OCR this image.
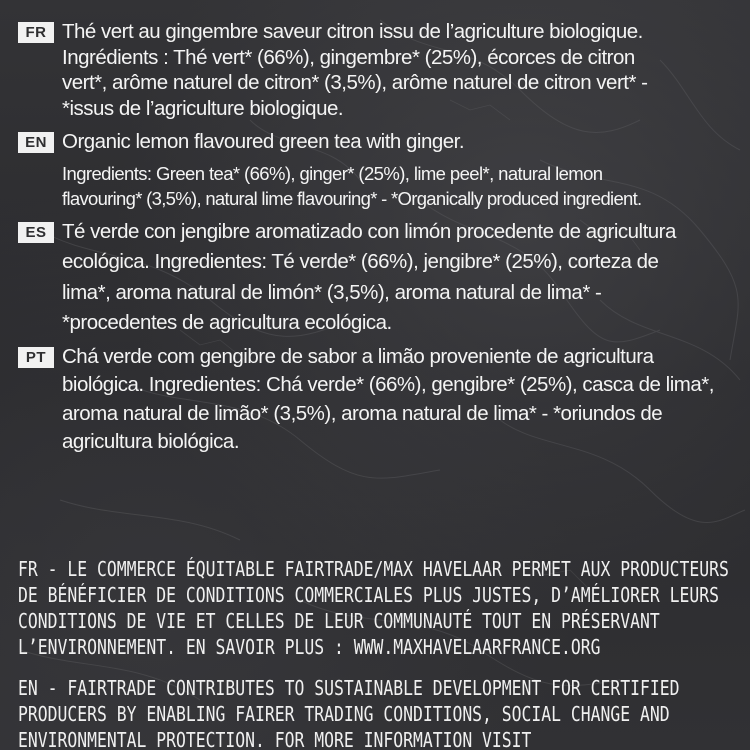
FR Thé vert au gingembre saveur citron issu de l’agriculture biologique.
Ingrédients : Thé vert* (66%), gingembre* (25%), écorces de citron
vert*, arôme naturel de citron* (3,5%), arôme naturel de citron vert* -
*issus de l’agriculture biologique.
EN Organic lemon flavoured green tea with ginger.
Ingredients: Green tea* (66%), ginger* (25%), lime peel*, natural lemon
flavouring* (3,5%), natural lime flavouring* - *Organically produced ingredient.
ES Té verde con jengibre aromatizado con limón procedente de agricultura
ecológica. Ingredientes: Té verde* (66%), jengibre* (25%), corteza de
lima*, aroma natural de limón* (3,5%), aroma natural de lima* -
*procedentes de agricultura ecológica.
PT Chá verde com gengibre de sabor a limão proveniente de agricultura
biológica. Ingredientes: Chá verde* (66%), gengibre* (25%), casca de lima*,
aroma natural de limão* (3,5%), aroma natural de lima* - *oriundos de
agricultura biológica.
FR - LE COMMERCE ÉQUITABLE FAIRTRADE/MAX HAVELAAR PERMET AUX PRODUCTEURS
DE BÉNÉFICIER DE CONDITIONS COMMERCIALES PLUS JUSTES, D’AMÉLIORER LEURS
CONDITIONS DE VIE ET CELLES DE LEUR COMMUNAUTÉ TOUT EN PRÉSERVANT
L’ENVIRONNEMENT. EN SAVOIR PLUS : WWW.MAXHAVELAARFRANCE.ORG
EN - FAIRTRADE CONTRIBUTES TO SUSTAINABLE DEVELOPMENT FOR CERTIFIED
PRODUCERS BY ENABLING FAIRER TRADING CONDITIONS, SOCIAL CHANGE AND
ENVIRONMENTAL PROTECTION. FOR MORE INFORMATION VISIT
